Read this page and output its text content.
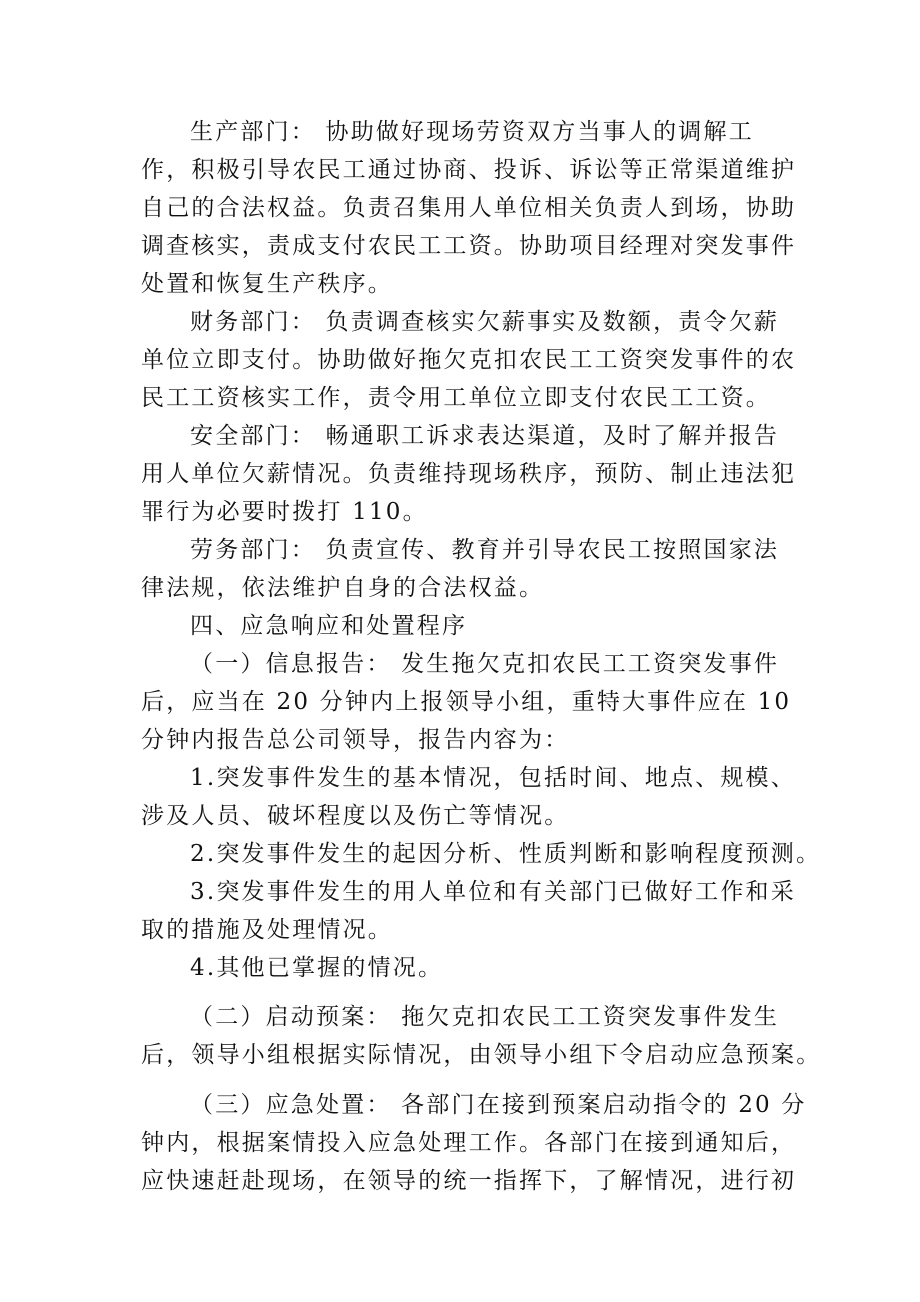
生产部门： 协助做好现场劳资双方当事人的调解工
作，积极引导农民工通过协商、投诉、诉讼等正常渠道维护
自己的合法权益。负责召集用人单位相关负责人到场，协助
调查核实，责成支付农民工工资。协助项目经理对突发事件
处置和恢复生产秩序。
财务部门： 负责调查核实欠薪事实及数额，责令欠薪
单位立即支付。协助做好拖欠克扣农民工工资突发事件的农
民工工资核实工作，责令用工单位立即支付农民工工资。
安全部门： 畅通职工诉求表达渠道，及时了解并报告
用人单位欠薪情况。负责维持现场秩序，预防、制止违法犯
罪行为必要时拨打 110。
劳务部门： 负责宣传、教育并引导农民工按照国家法
律法规，依法维护自身的合法权益。
四、应急响应和处置程序
（一）信息报告： 发生拖欠克扣农民工工资突发事件
后，应当在 20 分钟内上报领导小组，重特大事件应在 10
分钟内报告总公司领导，报告内容为：
1.突发事件发生的基本情况，包括时间、地点、规模、
涉及人员、破坏程度以及伤亡等情况。
2.突发事件发生的起因分析、性质判断和影响程度预测。
3.突发事件发生的用人单位和有关部门已做好工作和采
取的措施及处理情况。
4.其他已掌握的情况。
（二）启动预案： 拖欠克扣农民工工资突发事件发生
后，领导小组根据实际情况，由领导小组下令启动应急预案。
（三）应急处置： 各部门在接到预案启动指令的 20 分
钟内，根据案情投入应急处理工作。各部门在接到通知后，
应快速赶赴现场，在领导的统一指挥下，了解情况，进行初
